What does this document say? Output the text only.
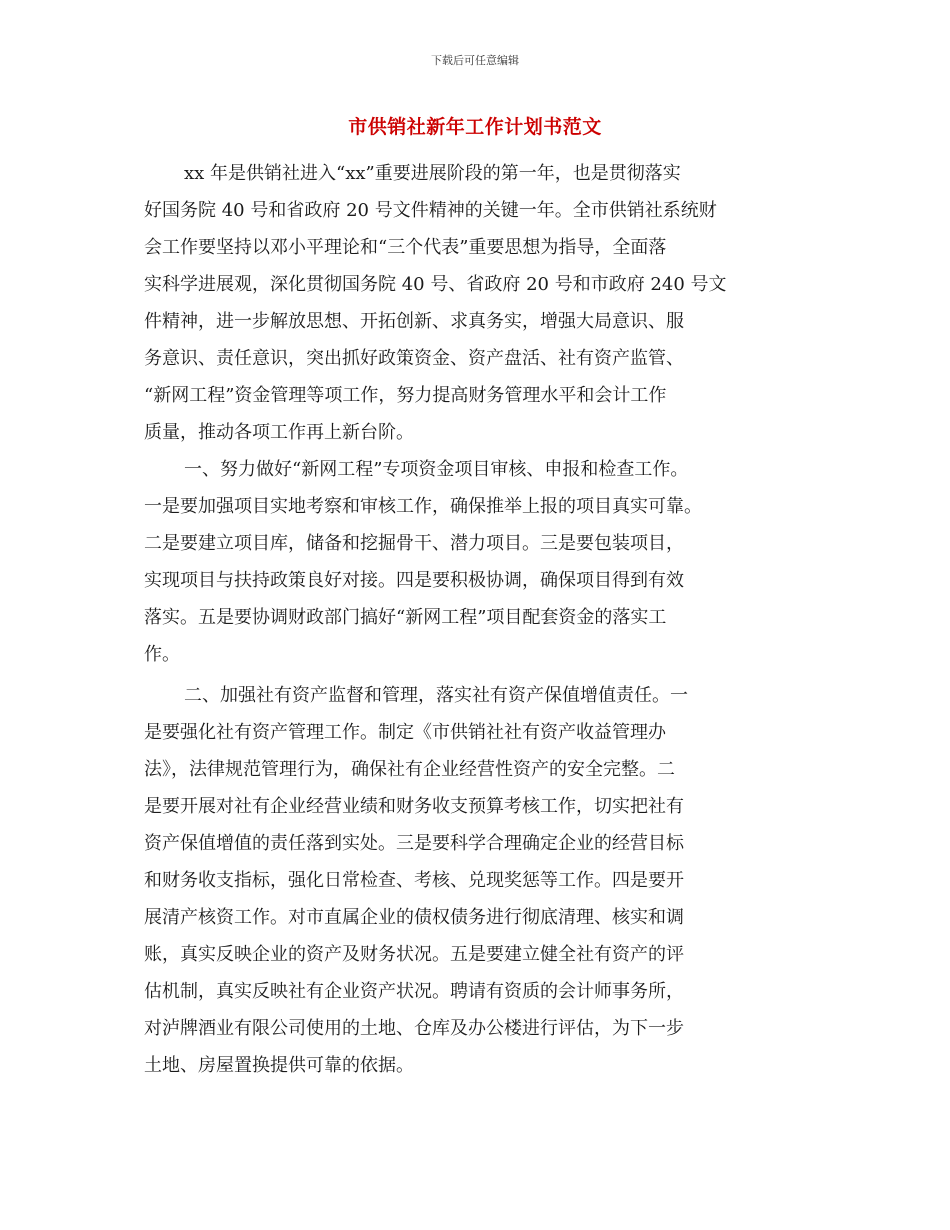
下载后可任意编辑
市供销社新年工作计划书范文
xx 年是供销社进入“xx”重要进展阶段的第一年，也是贯彻落实
好国务院 40 号和省政府 20 号文件精神的关键一年。全市供销社系统财
会工作要坚持以邓小平理论和“三个代表”重要思想为指导，全面落
实科学进展观，深化贯彻国务院 40 号、省政府 20 号和市政府 240 号文
件精神，进一步解放思想、开拓创新、求真务实，增强大局意识、服
务意识、责任意识，突出抓好政策资金、资产盘活、社有资产监管、
“新网工程”资金管理等项工作，努力提高财务管理水平和会计工作
质量，推动各项工作再上新台阶。
一、努力做好“新网工程”专项资金项目审核、申报和检查工作。
一是要加强项目实地考察和审核工作，确保推举上报的项目真实可靠。
二是要建立项目库，储备和挖掘骨干、潜力项目。三是要包装项目，
实现项目与扶持政策良好对接。四是要积极协调，确保项目得到有效
落实。五是要协调财政部门搞好“新网工程”项目配套资金的落实工
作。
二、加强社有资产监督和管理，落实社有资产保值增值责任。一
是要强化社有资产管理工作。制定《市供销社社有资产收益管理办
法》，法律规范管理行为，确保社有企业经营性资产的安全完整。二
是要开展对社有企业经营业绩和财务收支预算考核工作，切实把社有
资产保值增值的责任落到实处。三是要科学合理确定企业的经营目标
和财务收支指标，强化日常检查、考核、兑现奖惩等工作。四是要开
展清产核资工作。对市直属企业的债权债务进行彻底清理、核实和调
账，真实反映企业的资产及财务状况。五是要建立健全社有资产的评
估机制，真实反映社有企业资产状况。聘请有资质的会计师事务所，
对泸牌酒业有限公司使用的土地、仓库及办公楼进行评估，为下一步
土地、房屋置换提供可靠的依据。
